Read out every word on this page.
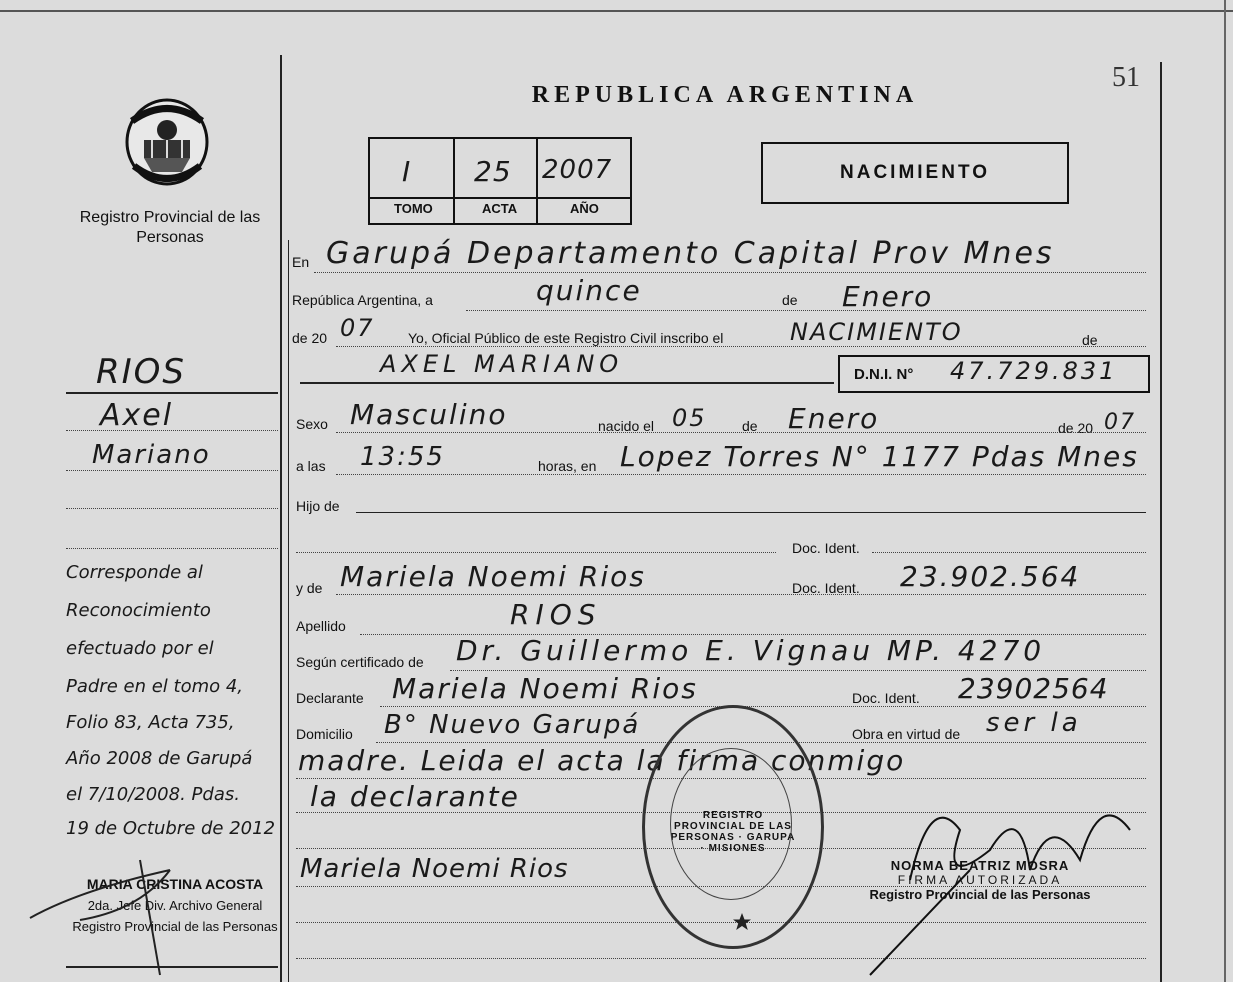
Registro Provincial de las Personas
RIOS
Axel
Mariano
Corresponde al
Reconocimiento
efectuado por el
Padre en el tomo 4,
Folio 83, Acta 735,
Año 2008 de Garupá
el 7/10/2008. Pdas.
19 de Octubre de 2012
MARIA CRISTINA ACOSTA
2da. Jefe Div. Archivo General
Registro Provincial de las Personas
REPUBLICA ARGENTINA
51
I 25 2007
TOMO	ACTA	AÑO
NACIMIENTO
En Garupá Departamento Capital Prov Mnes
República Argentina, a	quince	de Enero
de 20 07 Yo, Oficial Público de este Registro Civil inscribo el	NACIMIENTO	de
AXEL MARIANO	D.N.I. N° 47.729.831
Sexo Masculino	nacido el 05	de Enero	de 20 07
a las 13:55	horas, en Lopez Torres N° 1177 Pdas Mnes
Hijo de
Doc. Ident.
y de Mariela Noemi Rios	Doc. Ident. 23.902.564
Apellido	RIOS
Según certificado de Dr. Guillermo E. Vignau MP. 4270
Declarante Mariela Noemi Rios	Doc. Ident. 23902564
Domicilio B° Nuevo Garupá	Obra en virtud de ser la
madre. Leida el acta la firma conmigo
la declarante
Mariela Noemi Rios
REGISTRO PROVINCIAL DE LAS PERSONAS · GARUPA · MISIONES
NORMA BEATRIZ MOSRA
FIRMA AUTORIZADA
Registro Provincial de las Personas
